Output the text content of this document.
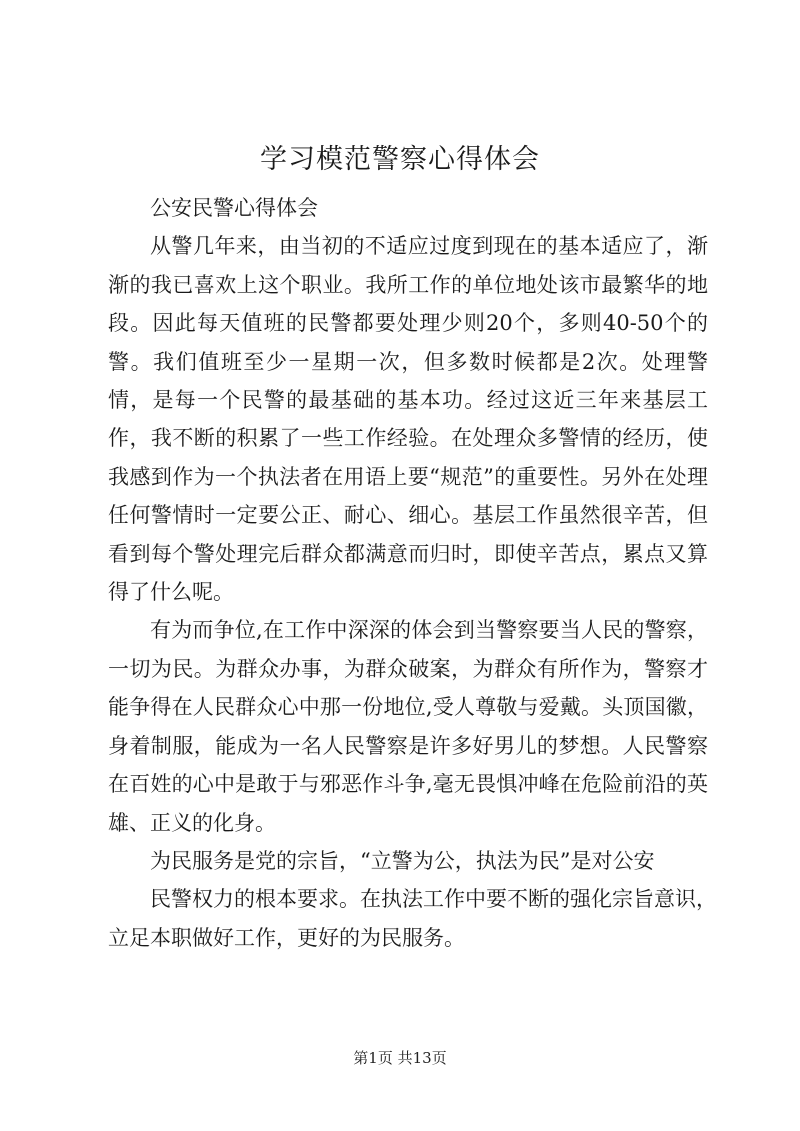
学习模范警察心得体会

公安民警心得体会

从警几年来，由当初的不适应过度到现在的基本适应了，渐渐的我已喜欢上这个职业。我所工作的单位地处该市最繁华的地段。因此每天值班的民警都要处理少则20个，多则40-50个的警。我们值班至少一星期一次，但多数时候都是2次。处理警情，是每一个民警的最基础的基本功。经过这近三年来基层工作，我不断的积累了一些工作经验。在处理众多警情的经历，使我感到作为一个执法者在用语上要“规范”的重要性。另外在处理任何警情时一定要公正、耐心、细心。基层工作虽然很辛苦，但看到每个警处理完后群众都满意而归时，即使辛苦点，累点又算得了什么呢。

有为而争位,在工作中深深的体会到当警察要当人民的警察，一切为民。为群众办事，为群众破案，为群众有所作为，警察才能争得在人民群众心中那一份地位,受人尊敬与爱戴。头顶国徽，身着制服，能成为一名人民警察是许多好男儿的梦想。人民警察在百姓的心中是敢于与邪恶作斗争,毫无畏惧冲峰在危险前沿的英雄、正义的化身。

为民服务是党的宗旨，“立警为公，执法为民”是对公安

民警权力的根本要求。在执法工作中要不断的强化宗旨意识，

立足本职做好工作，更好的为民服务。

第1页 共13页
